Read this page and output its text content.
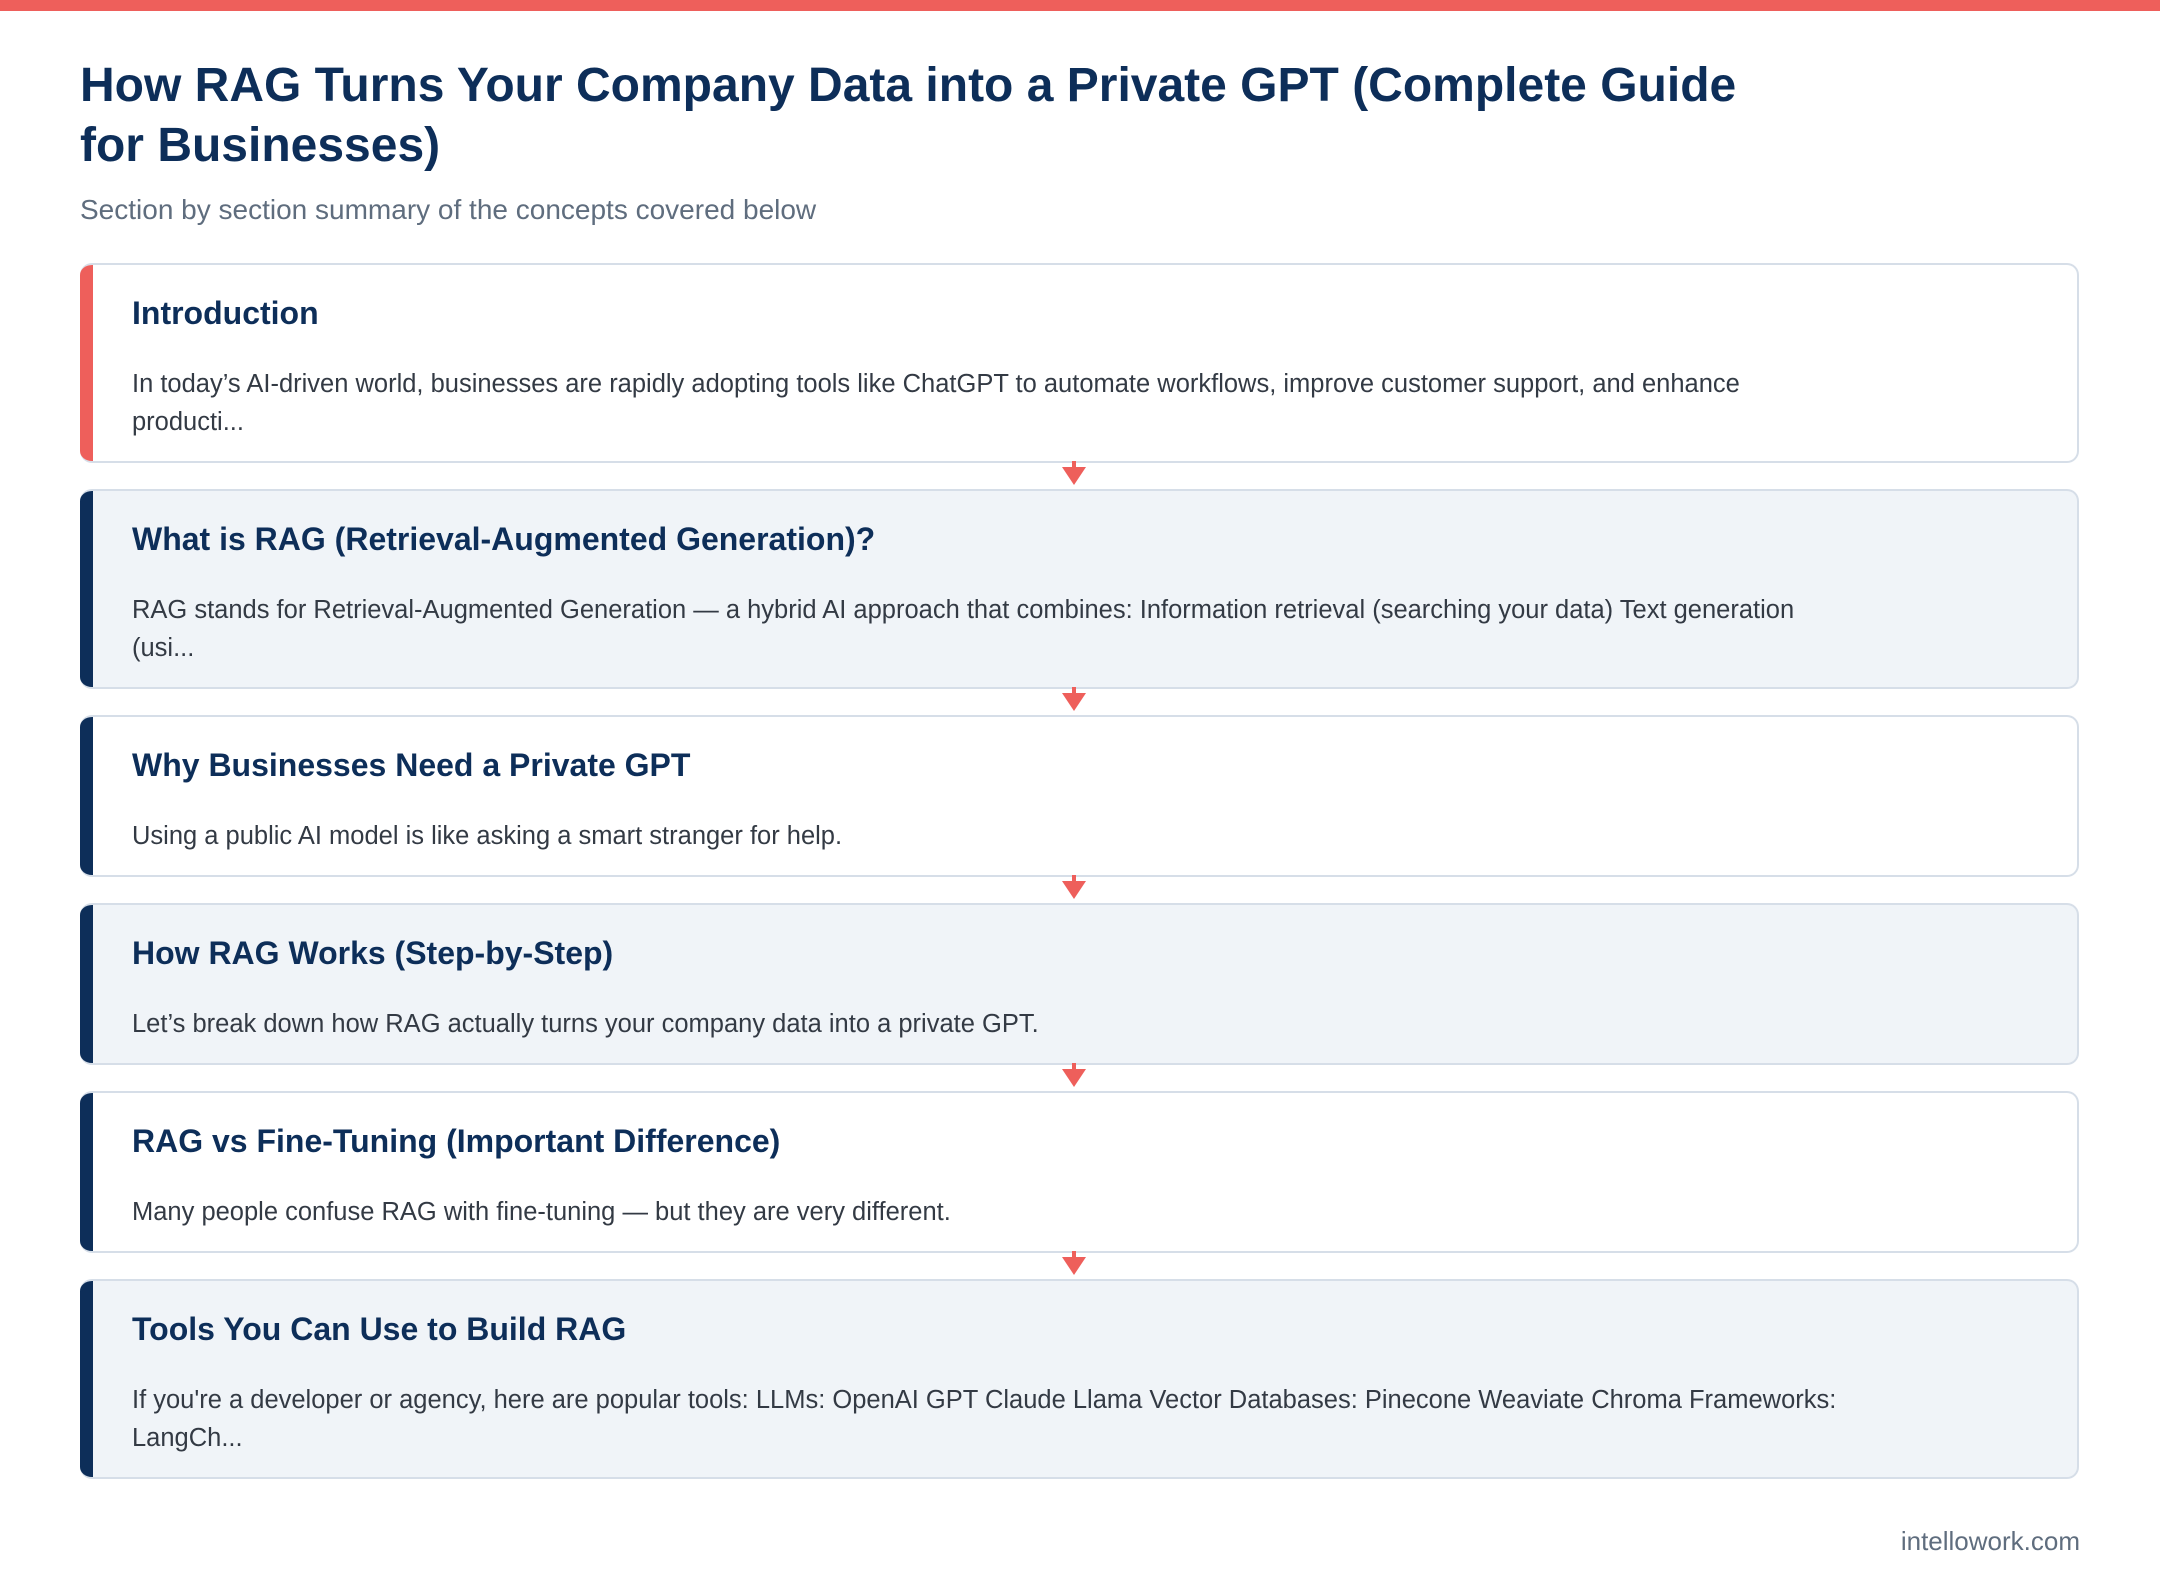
How RAG Turns Your Company Data into a Private GPT (Complete Guide for Businesses)

Section by section summary of the concepts covered below

Introduction

In today’s AI-driven world, businesses are rapidly adopting tools like ChatGPT to automate workflows, improve customer support, and enhance producti...

What is RAG (Retrieval-Augmented Generation)?

RAG stands for Retrieval-Augmented Generation — a hybrid AI approach that combines: Information retrieval (searching your data) Text generation (usi...

Why Businesses Need a Private GPT

Using a public AI model is like asking a smart stranger for help.

How RAG Works (Step-by-Step)

Let’s break down how RAG actually turns your company data into a private GPT.

RAG vs Fine-Tuning (Important Difference)

Many people confuse RAG with fine-tuning — but they are very different.

Tools You Can Use to Build RAG

If you're a developer or agency, here are popular tools: LLMs: OpenAI GPT Claude Llama Vector Databases: Pinecone Weaviate Chroma Frameworks: LangCh...

intellowork.com
